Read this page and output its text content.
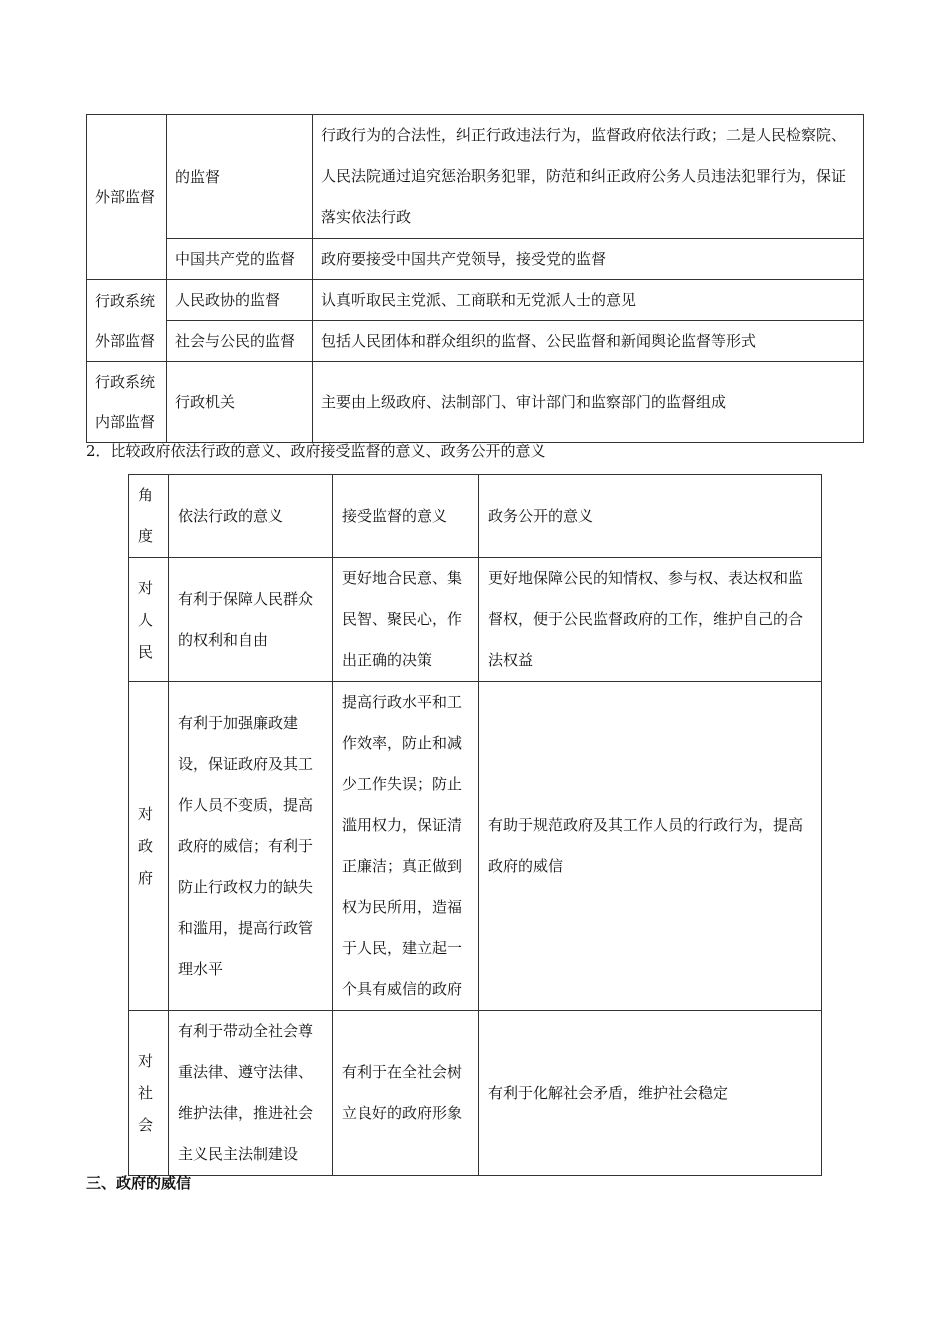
外部监督	的监督	行政行为的合法性，纠正行政违法行为，监督政府依法行政；二是人民检察院、人民法院通过追究惩治职务犯罪，防范和纠正政府公务人员违法犯罪行为，保证落实依法行政
	中国共产党的监督	政府要接受中国共产党领导，接受党的监督
行政系统外部监督	人民政协的监督	认真听取民主党派、工商联和无党派人士的意见
	社会与公民的监督	包括人民团体和群众组织的监督、公民监督和新闻舆论监督等形式
行政系统内部监督	行政机关	主要由上级政府、法制部门、审计部门和监察部门的监督组成
2．比较政府依法行政的意义、政府接受监督的意义、政务公开的意义
角度	依法行政的意义	接受监督的意义	政务公开的意义

对
人
民	有利于保障人民群众的权利和自由	更好地合民意、集民智、聚民心，作出正确的决策	更好地保障公民的知情权、参与权、表达权和监督权，便于公民监督政府的工作，维护自己的合法权益

对
政
府	有利于加强廉政建设，保证政府及其工作人员不变质，提高政府的威信；有利于防止行政权力的缺失和滥用，提高行政管理水平	提高行政水平和工作效率，防止和减少工作失误；防止滥用权力，保证清正廉洁；真正做到权为民所用，造福于人民，建立起一个具有威信的政府	有助于规范政府及其工作人员的行政行为，提高政府的威信

对
社
会	有利于带动全社会尊重法律、遵守法律、维护法律，推进社会主义民主法制建设	有利于在全社会树立良好的政府形象	有利于化解社会矛盾，维护社会稳定
三、政府的威信
